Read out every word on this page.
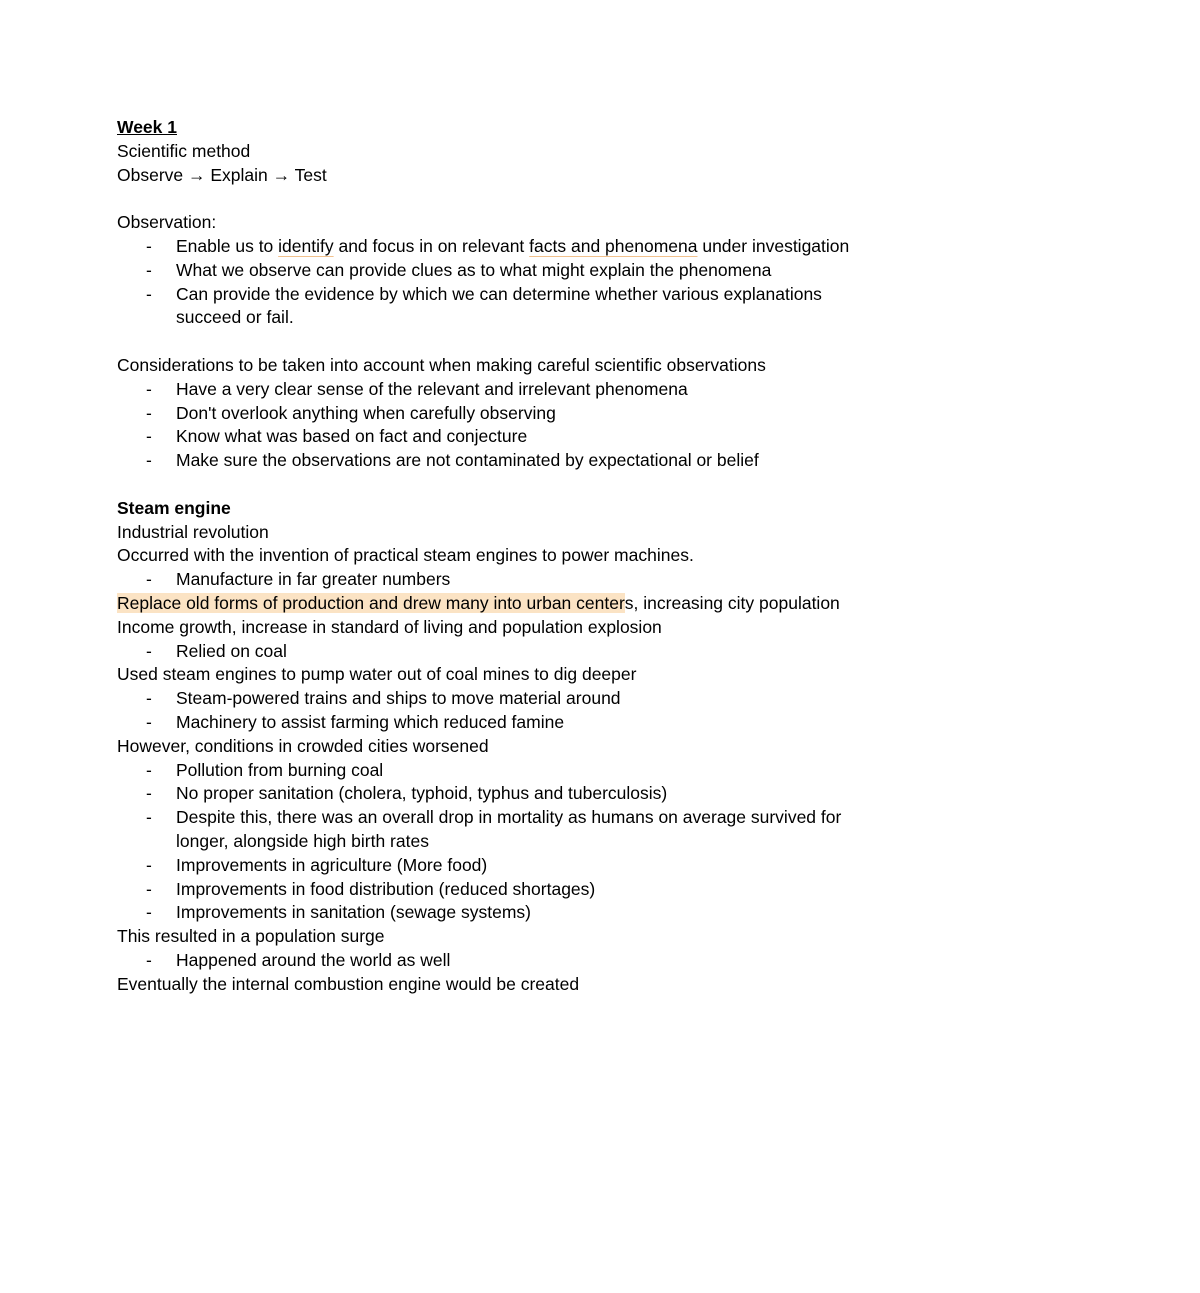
Week 1
Scientific method
Observe → Explain → Test
Observation:
- Enable us to identify and focus in on relevant facts and phenomena under investigation
- What we observe can provide clues as to what might explain the phenomena
- Can provide the evidence by which we can determine whether various explanations succeed or fail.
Considerations to be taken into account when making careful scientific observations
- Have a very clear sense of the relevant and irrelevant phenomena
- Don't overlook anything when carefully observing
- Know what was based on fact and conjecture
- Make sure the observations are not contaminated by expectational or belief
Steam engine
Industrial revolution
Occurred with the invention of practical steam engines to power machines.
- Manufacture in far greater numbers
Replace old forms of production and drew many into urban centers, increasing city population
Income growth, increase in standard of living and population explosion
- Relied on coal
Used steam engines to pump water out of coal mines to dig deeper
- Steam-powered trains and ships to move material around
- Machinery to assist farming which reduced famine
However, conditions in crowded cities worsened
- Pollution from burning coal
- No proper sanitation (cholera, typhoid, typhus and tuberculosis)
- Despite this, there was an overall drop in mortality as humans on average survived for longer, alongside high birth rates
- Improvements in agriculture (More food)
- Improvements in food distribution (reduced shortages)
- Improvements in sanitation (sewage systems)
This resulted in a population surge
- Happened around the world as well
Eventually the internal combustion engine would be created
